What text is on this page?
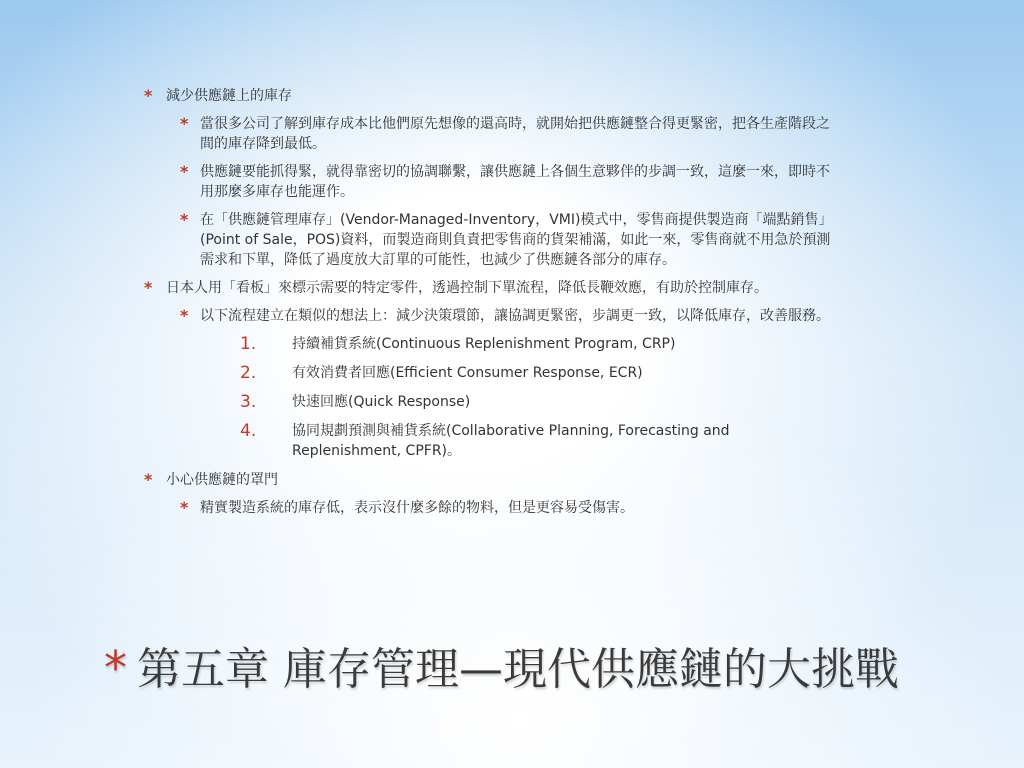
* 減少供應鏈上的庫存
* 當很多公司了解到庫存成本比他們原先想像的還高時，就開始把供應鏈整合得更緊密，把各生產階段之間的庫存降到最低。
* 供應鏈要能抓得緊，就得靠密切的協調聯繫，讓供應鏈上各個生意夥伴的步調一致，這麼一來，即時不用那麼多庫存也能運作。
* 在「供應鏈管理庫存」(Vendor-Managed-Inventory，VMI)模式中，零售商提供製造商「端點銷售」(Point of Sale，POS)資料，而製造商則負責把零售商的貨架補滿，如此一來，零售商就不用急於預測需求和下單，降低了過度放大訂單的可能性，也減少了供應鏈各部分的庫存。
* 日本人用「看板」來標示需要的特定零件，透過控制下單流程，降低長鞭效應，有助於控制庫存。
* 以下流程建立在類似的想法上：減少決策環節，讓協調更緊密，步調更一致，以降低庫存，改善服務。
1.	持續補貨系統(Continuous Replenishment Program, CRP)
2.	有效消費者回應(Efficient Consumer Response, ECR)
3.	快速回應(Quick Response)
4.	協同規劃預測與補貨系統(Collaborative Planning, Forecasting and Replenishment, CPFR)。
* 小心供應鏈的罩門
* 精實製造系統的庫存低，表示沒什麼多餘的物料，但是更容易受傷害。
* 第五章 庫存管理—現代供應鏈的大挑戰
